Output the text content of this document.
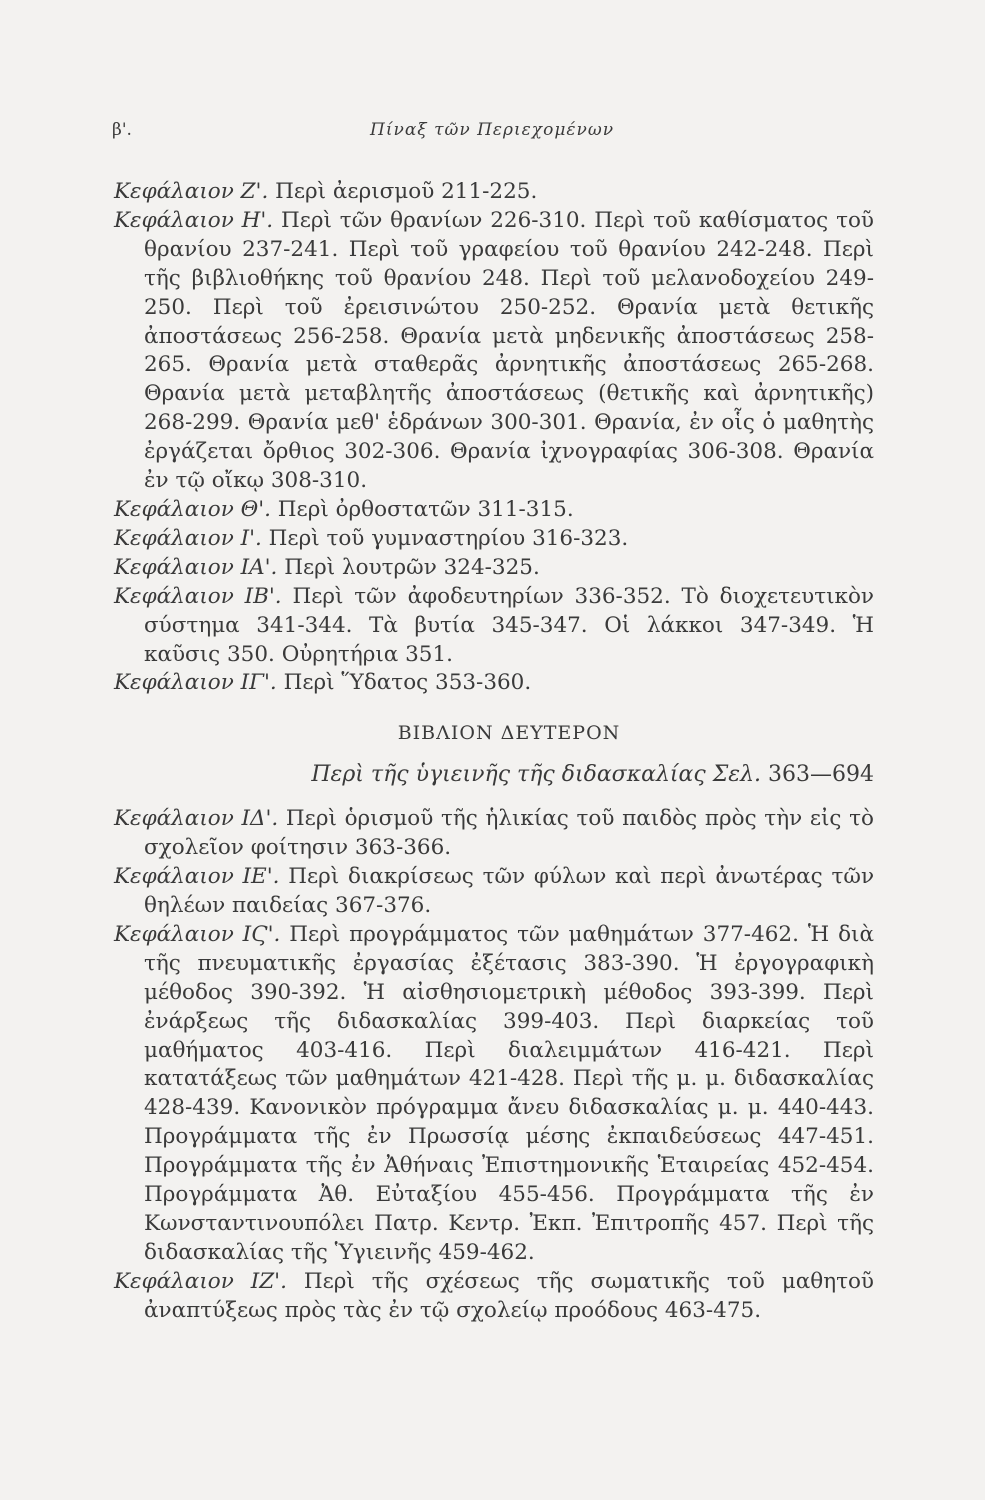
β'.	Πίναξ τῶν Περιεχομένων

Κεφάλαιον Ζ'. Περὶ ἀερισμοῦ 211-225.

Κεφάλαιον Η'. Περὶ τῶν θρανίων 226-310. Περὶ τοῦ καθίσματος τοῦ θρανίου 237-241. Περὶ τοῦ γραφείου τοῦ θρανίου 242-248. Περὶ τῆς βιβλιοθήκης τοῦ θρανίου 248. Περὶ τοῦ μελανοδοχείου 249-250. Περὶ τοῦ ἐρεισινώτου 250-252. Θρανία μετὰ θετικῆς ἀποστάσεως 256-258. Θρανία μετὰ μηδενικῆς ἀποστάσεως 258-265. Θρανία μετὰ σταθερᾶς ἀρνητικῆς ἀποστάσεως 265-268. Θρανία μετὰ μεταβλητῆς ἀποστάσεως (θετικῆς καὶ ἀρνητικῆς) 268-299. Θρανία μεθ' ἑδράνων 300-301. Θρανία, ἐν οἷς ὁ μαθητὴς ἐργάζεται ὄρθιος 302-306. Θρανία ἰχνογραφίας 306-308. Θρανία ἐν τῷ οἴκῳ 308-310.

Κεφάλαιον Θ'. Περὶ ὀρθοστατῶν 311-315.

Κεφάλαιον Ι'. Περὶ τοῦ γυμναστηρίου 316-323.

Κεφάλαιον ΙΑ'. Περὶ λουτρῶν 324-325.

Κεφάλαιον ΙΒ'. Περὶ τῶν ἀφοδευτηρίων 336-352. Τὸ διοχετευτικὸν σύστημα 341-344. Τὰ βυτία 345-347. Οἱ λάκκοι 347-349. Ἡ καῦσις 350. Οὐρητήρια 351.

Κεφάλαιον ΙΓ'. Περὶ Ὕδατος 353-360.

ΒΙΒΛΙΟΝ ΔΕΥΤΕΡΟΝ
Περὶ τῆς ὑγιεινῆς τῆς διδασκαλίας Σελ. 363—694

Κεφάλαιον ΙΔ'. Περὶ ὁρισμοῦ τῆς ἡλικίας τοῦ παιδὸς πρὸς τὴν εἰς τὸ σχολεῖον φοίτησιν 363-366.

Κεφάλαιον ΙΕ'. Περὶ διακρίσεως τῶν φύλων καὶ περὶ ἀνωτέρας τῶν θηλέων παιδείας 367-376.

Κεφάλαιον ΙϚ'. Περὶ προγράμματος τῶν μαθημάτων 377-462. Ἡ διὰ τῆς πνευματικῆς ἐργασίας ἐξέτασις 383-390. Ἡ ἐργογραφικὴ μέθοδος 390-392. Ἡ αἰσθησιομετρικὴ μέθοδος 393-399. Περὶ ἐνάρξεως τῆς διδασκαλίας 399-403. Περὶ διαρκείας τοῦ μαθήματος 403-416. Περὶ διαλειμμάτων 416-421. Περὶ κατατάξεως τῶν μαθημάτων 421-428. Περὶ τῆς μ. μ. διδασκαλίας 428-439. Κανονικὸν πρόγραμμα ἄνευ διδασκαλίας μ. μ. 440-443. Προγράμματα τῆς ἐν Πρωσσίᾳ μέσης ἐκπαιδεύσεως 447-451. Προγράμματα τῆς ἐν Ἀθήναις Ἐπιστημονικῆς Ἑταιρείας 452-454. Προγράμματα Ἀθ. Εὐταξίου 455-456. Προγράμματα τῆς ἐν Κωνσταντινουπόλει Πατρ. Κεντρ. Ἐκπ. Ἐπιτροπῆς 457. Περὶ τῆς διδασκαλίας τῆς Ὑγιεινῆς 459-462.

Κεφάλαιον ΙΖ'. Περὶ τῆς σχέσεως τῆς σωματικῆς τοῦ μαθητοῦ ἀναπτύξεως πρὸς τὰς ἐν τῷ σχολείῳ προόδους 463-475.
